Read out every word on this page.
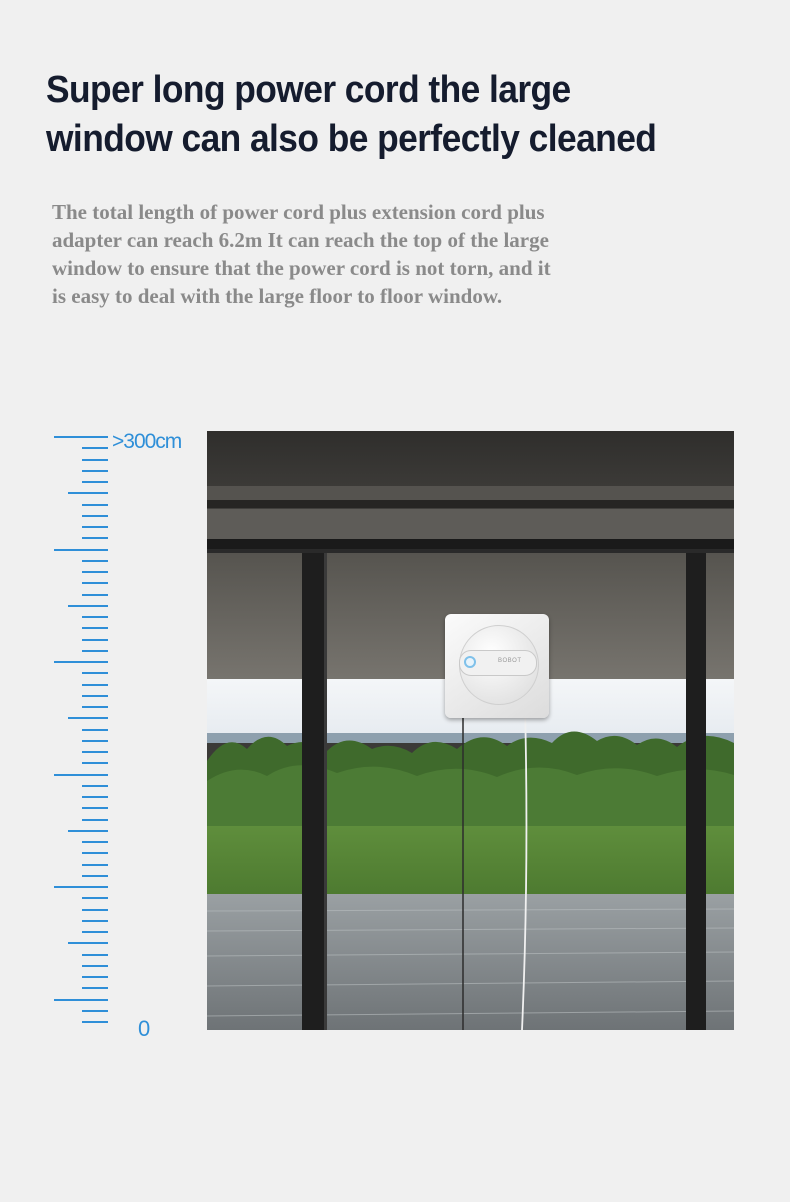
Super long power cord the large
window can also be perfectly cleaned

The total length of power cord plus extension cord plus
adapter can reach 6.2m It can reach the top of the large
window to ensure that the power cord is not torn, and it
is easy to deal with the large floor to floor window.

>300cm
0
BOBOT
